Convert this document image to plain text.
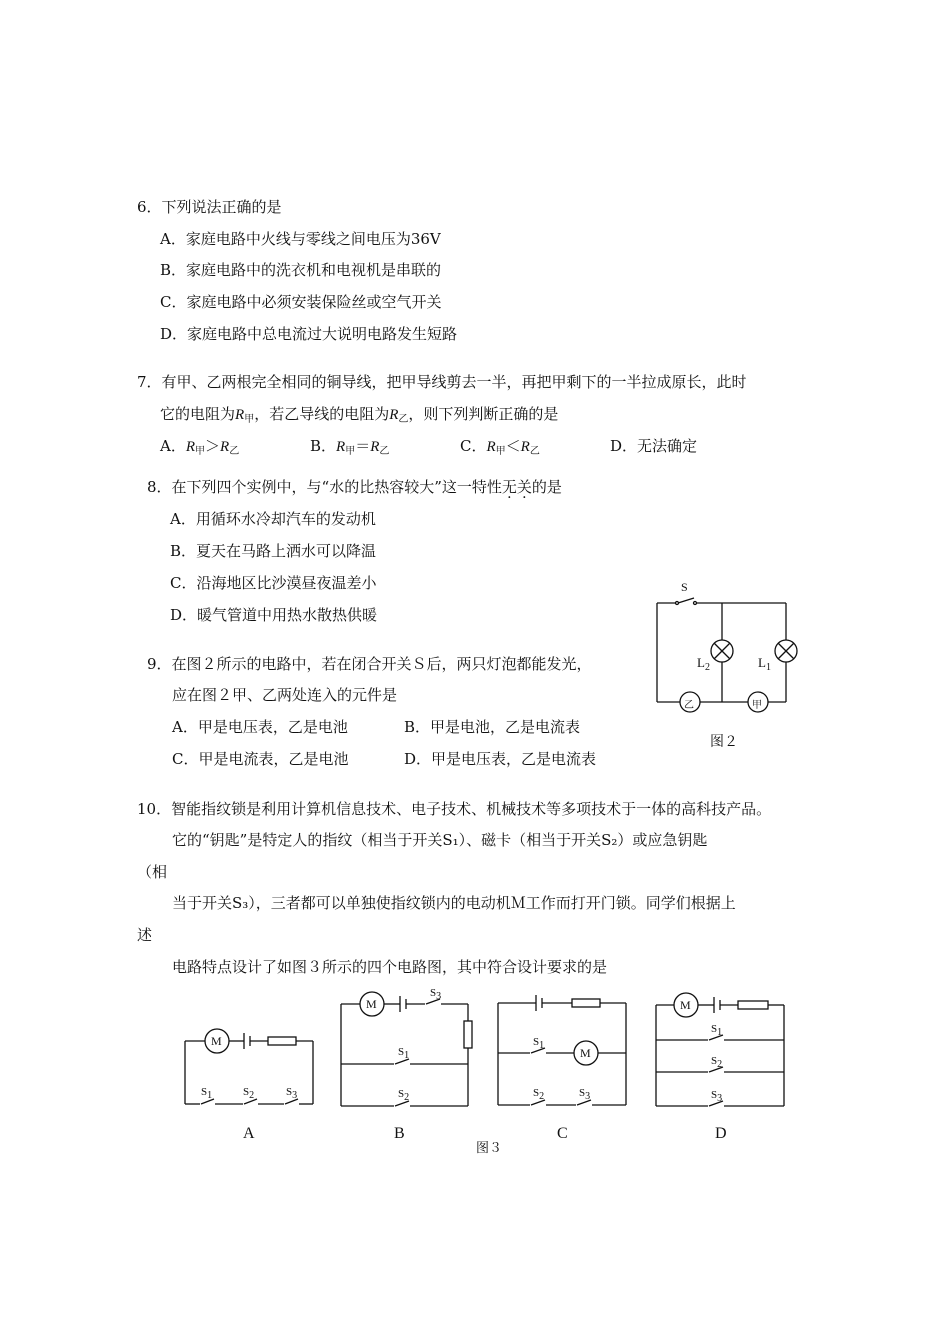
6．下列说法正确的是
A．家庭电路中火线与零线之间电压为36V
B．家庭电路中的洗衣机和电视机是串联的
C．家庭电路中必须安装保险丝或空气开关
D．家庭电路中总电流过大说明电路发生短路
7．有甲、乙两根完全相同的铜导线，把甲导线剪去一半，再把甲剩下的一半拉成原长，此时
它的电阻为$R_甲$，若乙导线的电阻为$R_乙$，则下列判断正确的是
A．$R_甲>R_乙$	B．$R_甲=R_乙$	C．$R_甲<R_乙$	D．无法确定
8．在下列四个实例中，与“水的比热容较大”这一特性无关的是
A．用循环水冷却汽车的发动机
B．夏天在马路上洒水可以降温
C．沿海地区比沙漠昼夜温差小
D．暖气管道中用热水散热供暖
9．在图２所示的电路中，若在闭合开关Ｓ后，两只灯泡都能发光，
应在图２甲、乙两处连入的元件是
A．甲是电压表，乙是电池	B．甲是电池，乙是电流表
C．甲是电流表，乙是电池	D．甲是电压表，乙是电流表
S
$L_2$	$L_1$
乙	甲
图２
10．智能指纹锁是利用计算机信息技术、电子技术、机械技术等多项技术于一体的高科技产品。
它的“钥匙”是特定人的指纹（相当于开关S₁）、磁卡（相当于开关S₂）或应急钥匙
（相
当于开关S₃），三者都可以单独使指纹锁内的电动机Ｍ工作而打开门锁。同学们根据上
述
电路特点设计了如图３所示的四个电路图，其中符合设计要求的是
M
S1	S2	S3
M
S3
S1
S2
M
S1
S2	S3
M
S1
S2
S3
A	B	C	D
图３
